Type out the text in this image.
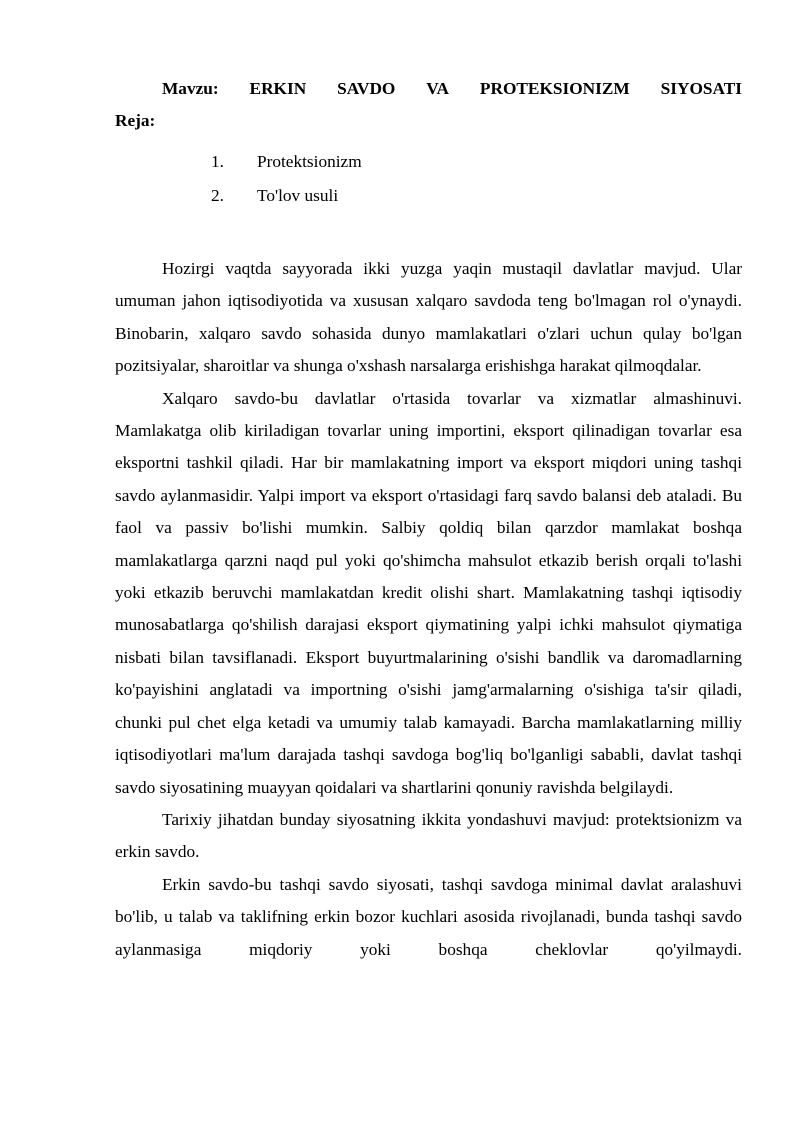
Mavzu: ERKIN SAVDO VA PROTEKSIONIZM SIYOSATI
Reja:
1.	Protektsionizm
2.	To'lov usuli

Hozirgi vaqtda sayyorada ikki yuzga yaqin mustaqil davlatlar mavjud. Ular umuman jahon iqtisodiyotida va xususan xalqaro savdoda teng bo'lmagan rol o'ynaydi. Binobarin, xalqaro savdo sohasida dunyo mamlakatlari o'zlari uchun qulay bo'lgan pozitsiyalar, sharoitlar va shunga o'xshash narsalarga erishishga harakat qilmoqdalar.

Xalqaro savdo-bu davlatlar o'rtasida tovarlar va xizmatlar almashinuvi. Mamlakatga olib kiriladigan tovarlar uning importini, eksport qilinadigan tovarlar esa eksportni tashkil qiladi. Har bir mamlakatning import va eksport miqdori uning tashqi savdo aylanmasidir. Yalpi import va eksport o'rtasidagi farq savdo balansi deb ataladi. Bu faol va passiv bo'lishi mumkin. Salbiy qoldiq bilan qarzdor mamlakat boshqa mamlakatlarga qarzni naqd pul yoki qo'shimcha mahsulot etkazib berish orqali to'lashi yoki etkazib beruvchi mamlakatdan kredit olishi shart. Mamlakatning tashqi iqtisodiy munosabatlarga qo'shilish darajasi eksport qiymatining yalpi ichki mahsulot qiymatiga nisbati bilan tavsiflanadi. Eksport buyurtmalarining o'sishi bandlik va daromadlarning ko'payishini anglatadi va importning o'sishi jamg'armalarning o'sishiga ta'sir qiladi, chunki pul chet elga ketadi va umumiy talab kamayadi. Barcha mamlakatlarning milliy iqtisodiyotlari ma'lum darajada tashqi savdoga bog'liq bo'lganligi sababli, davlat tashqi savdo siyosatining muayyan qoidalari va shartlarini qonuniy ravishda belgilaydi.

Tarixiy jihatdan bunday siyosatning ikkita yondashuvi mavjud: protektsionizm va erkin savdo.

Erkin savdo-bu tashqi savdo siyosati, tashqi savdoga minimal davlat aralashuvi bo'lib, u talab va taklifning erkin bozor kuchlari asosida rivojlanadi, bunda tashqi savdo aylanmasiga miqdoriy yoki boshqa cheklovlar qo'yilmaydi.
